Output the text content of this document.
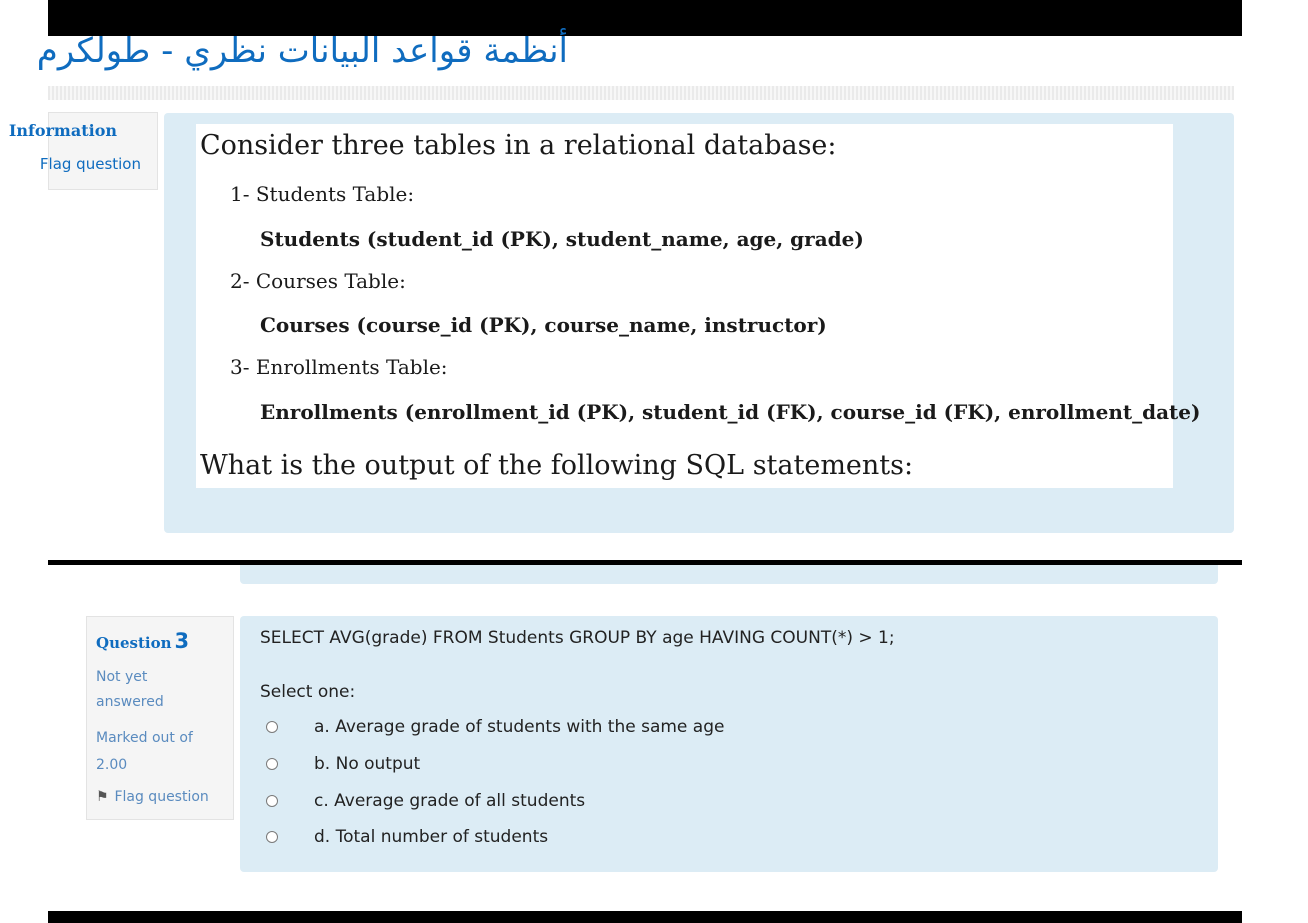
أنظمة قواعد البيانات نظري - طولكرم
Information
Flag question
Consider three tables in a relational database:
1- Students Table:
Students (student_id (PK), student_name, age, grade)
2- Courses Table:
Courses (course_id (PK), course_name, instructor)
3- Enrollments Table:
Enrollments (enrollment_id (PK), student_id (FK), course_id (FK), enrollment_date)
What is the output of the following SQL statements:
Question 3
Not yet answered
Marked out of 2.00
⚑ Flag question
SELECT AVG(grade) FROM Students GROUP BY age HAVING COUNT(*) > 1;
Select one:
a. Average grade of students with the same age
b. No output
c. Average grade of all students
d. Total number of students
